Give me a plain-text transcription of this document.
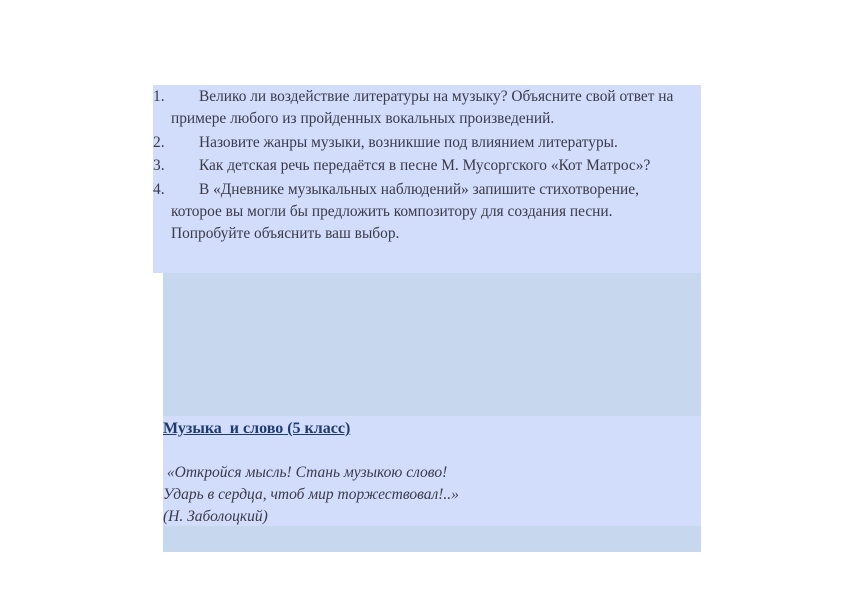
1.	Велико ли воздействие литературы на музыку? Объясните свой ответ на примере любого из пройденных вокальных произведений.
2.	Назовите жанры музыки, возникшие под влиянием литературы.
3.	Как детская речь передаётся в песне М. Мусоргского «Кот Матрос»?
4.	В «Дневнике музыкальных наблюдений» запишите стихотворение, которое вы могли бы предложить композитору для создания песни. Попробуйте объяснить ваш выбор.
Музыка  и слово (5 класс)
«Откройся мысль! Стань музыкою слово!
Ударь в сердца, чтоб мир торжествовал!..»
(Н. Заболоцкий)
